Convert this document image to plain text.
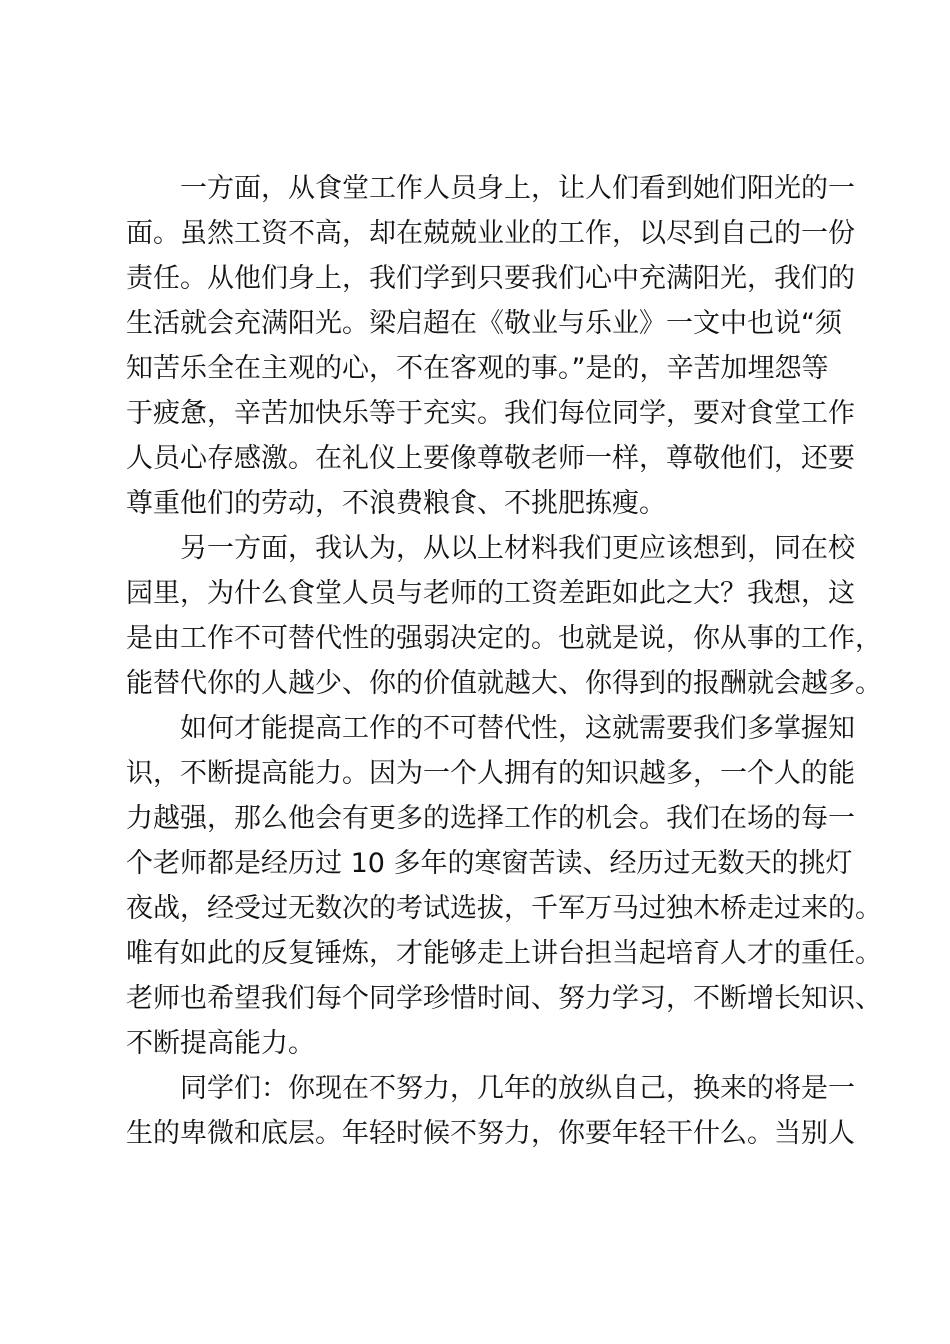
一方面，从食堂工作人员身上，让人们看到她们阳光的一
面。虽然工资不高，却在兢兢业业的工作，以尽到自己的一份
责任。从他们身上，我们学到只要我们心中充满阳光，我们的
生活就会充满阳光。梁启超在《敬业与乐业》一文中也说“须
知苦乐全在主观的心，不在客观的事。”是的，辛苦加埋怨等
于疲惫，辛苦加快乐等于充实。我们每位同学，要对食堂工作
人员心存感激。在礼仪上要像尊敬老师一样，尊敬他们，还要
尊重他们的劳动，不浪费粮食、不挑肥拣瘦。
另一方面，我认为，从以上材料我们更应该想到，同在校
园里，为什么食堂人员与老师的工资差距如此之大？我想，这
是由工作不可替代性的强弱决定的。也就是说，你从事的工作，
能替代你的人越少、你的价值就越大、你得到的报酬就会越多。
如何才能提高工作的不可替代性，这就需要我们多掌握知
识，不断提高能力。因为一个人拥有的知识越多，一个人的能
力越强，那么他会有更多的选择工作的机会。我们在场的每一
个老师都是经历过 10 多年的寒窗苦读、经历过无数天的挑灯
夜战，经受过无数次的考试选拔，千军万马过独木桥走过来的。
唯有如此的反复锤炼，才能够走上讲台担当起培育人才的重任。
老师也希望我们每个同学珍惜时间、努力学习，不断增长知识、
不断提高能力。
同学们：你现在不努力，几年的放纵自己，换来的将是一
生的卑微和底层。年轻时候不努力，你要年轻干什么。当别人
